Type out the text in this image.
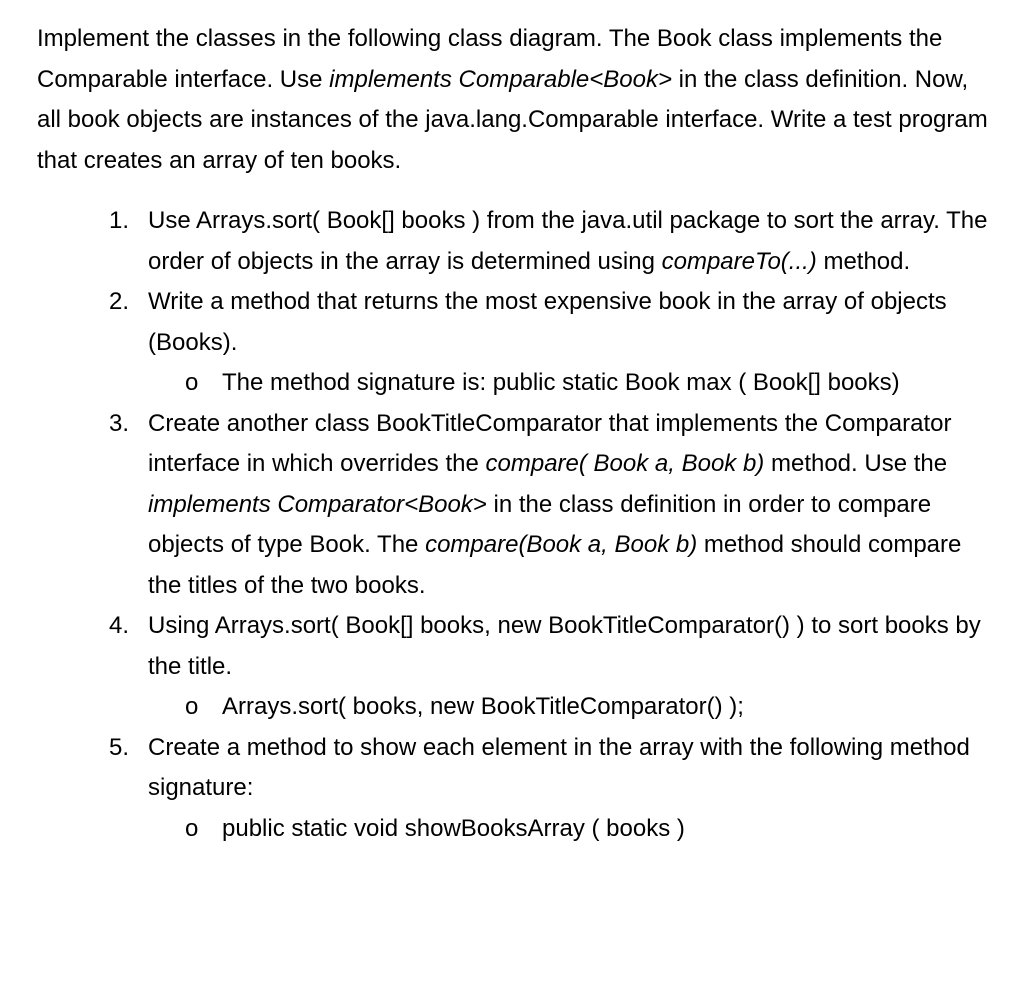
Implement the classes in the following class diagram. The Book class implements the Comparable interface. Use implements Comparable<Book> in the class definition. Now, all book objects are instances of the java.lang.Comparable interface. Write a test program that creates an array of ten books.

1. Use Arrays.sort( Book[] books ) from the java.util package to sort the array. The order of objects in the array is determined using compareTo(...) method.
2. Write a method that returns the most expensive book in the array of objects (Books).
o The method signature is: public static Book max ( Book[] books)
3. Create another class BookTitleComparator that implements the Comparator interface in which overrides the compare( Book a, Book b) method. Use the implements Comparator<Book> in the class definition in order to compare objects of type Book. The compare(Book a, Book b) method should compare the titles of the two books.
4. Using Arrays.sort( Book[] books, new BookTitleComparator() ) to sort books by the title.
o Arrays.sort( books, new BookTitleComparator() );
5. Create a method to show each element in the array with the following method signature:
o public static void showBooksArray ( books )
